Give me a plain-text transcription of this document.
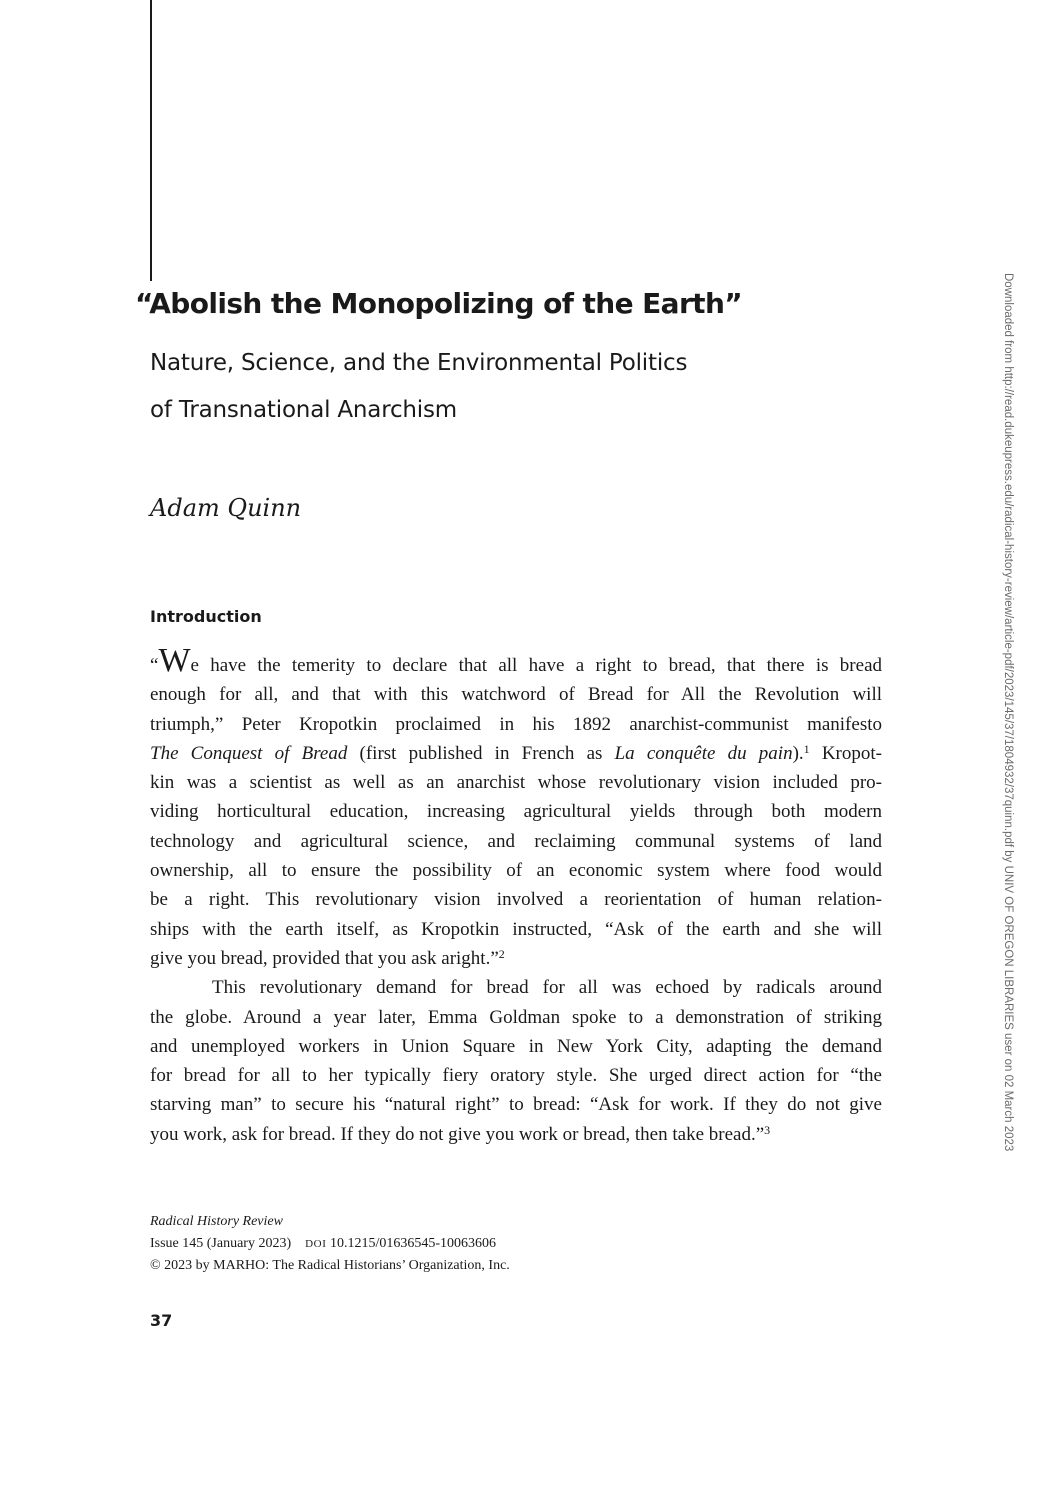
“Abolish the Monopolizing of the Earth”
Nature, Science, and the Environmental Politics
of Transnational Anarchism
Adam Quinn
Introduction
“We have the temerity to declare that all have a right to bread, that there is bread
enough for all, and that with this watchword of Bread for All the Revolution will
triumph,” Peter Kropotkin proclaimed in his 1892 anarchist-communist manifesto
The Conquest of Bread (first published in French as La conquête du pain).$^1$ Kropot-
kin was a scientist as well as an anarchist whose revolutionary vision included pro-
viding horticultural education, increasing agricultural yields through both modern
technology and agricultural science, and reclaiming communal systems of land
ownership, all to ensure the possibility of an economic system where food would
be a right. This revolutionary vision involved a reorientation of human relation-
ships with the earth itself, as Kropotkin instructed, “Ask of the earth and she will
give you bread, provided that you ask aright.”$^2$
This revolutionary demand for bread for all was echoed by radicals around
the globe. Around a year later, Emma Goldman spoke to a demonstration of striking
and unemployed workers in Union Square in New York City, adapting the demand
for bread for all to her typically fiery oratory style. She urged direct action for “the
starving man” to secure his “natural right” to bread: “Ask for work. If they do not give
you work, ask for bread. If they do not give you work or bread, then take bread.”$^3$
Radical History Review
Issue 145 (January 2023) DOI 10.1215/01636545-10063606
© 2023 by MARHO: The Radical Historians’ Organization, Inc.
37
Downloaded from http://read.dukeupress.edu/radical-history-review/article-pdf/2023/145/37/1804932/37quinn.pdf by UNIV OF OREGON LIBRARIES user on 02 March 2023
